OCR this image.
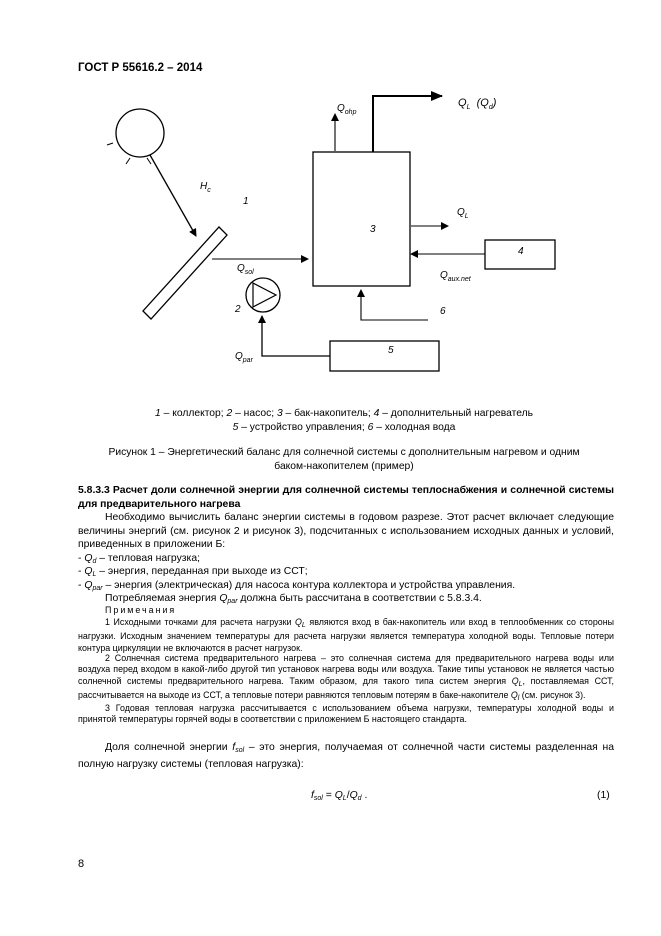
ГОСТ Р 55616.2 – 2014
$Q_{ohp}$
$Q_L$  $(Q_d)$
$H_c$
1
3
$Q_L$
4
$Q_{sol}$	$Q_{aux.net}$
2	6
5
$Q_{par}$
1 – коллектор; 2 – насос; 3 – бак-накопитель; 4 – дополнительный нагреватель
5 – устройство управления; 6 – холодная вода
Рисунок 1 – Энергетический баланс для солнечной системы с дополнительным нагревом и одним
баком-накопителем (пример)
5.8.3.3 Расчет доли солнечной энергии для солнечной системы теплоснабжения и солнечной системы для предварительного нагрева
Необходимо вычислить баланс энергии системы в годовом разрезе. Этот расчет включает следующие величины энергий (см. рисунок 2 и рисунок 3), подсчитанных с использованием исходных данных и условий, приведенных в приложении Б:
- Qd – тепловая нагрузка;
- QL – энергия, переданная при выходе из ССТ;
- Qpar – энергия (электрическая) для насоса контура коллектора и устройства управления.
Потребляемая энергия Qpar должна быть рассчитана в соответствии с 5.8.3.4.
Примечания
1 Исходными точками для расчета нагрузки $Q_L$ являются вход в бак-накопитель или вход в теплообменник со стороны нагрузки. Исходным значением температуры для расчета нагрузки является температура холодной воды. Тепловые потери контура циркуляции не включаются в расчет нагрузок.
2 Солнечная система предварительного нагрева – это солнечная система для предварительного нагрева воды или воздуха перед входом в какой-либо другой тип установок нагрева воды или воздуха. Такие типы установок не является частью солнечной системы предварительного нагрева. Таким образом, для такого типа систем энергия $Q_L$, поставляемая ССТ, рассчитывается на выходе из ССТ, а тепловые потери равняются тепловым потерям в баке-накопителе $Q_l$ (см. рисунок 3).
3 Годовая тепловая нагрузка рассчитывается с использованием объема нагрузки, температуры холодной воды и принятой температуры горячей воды в соответствии с приложением Б настоящего стандарта.
Доля солнечной энергии fsol – это энергия, получаемая от солнечной части системы разделенная на полную нагрузку системы (тепловая нагрузка):
fsol = QL/Qd .	(1)
8
